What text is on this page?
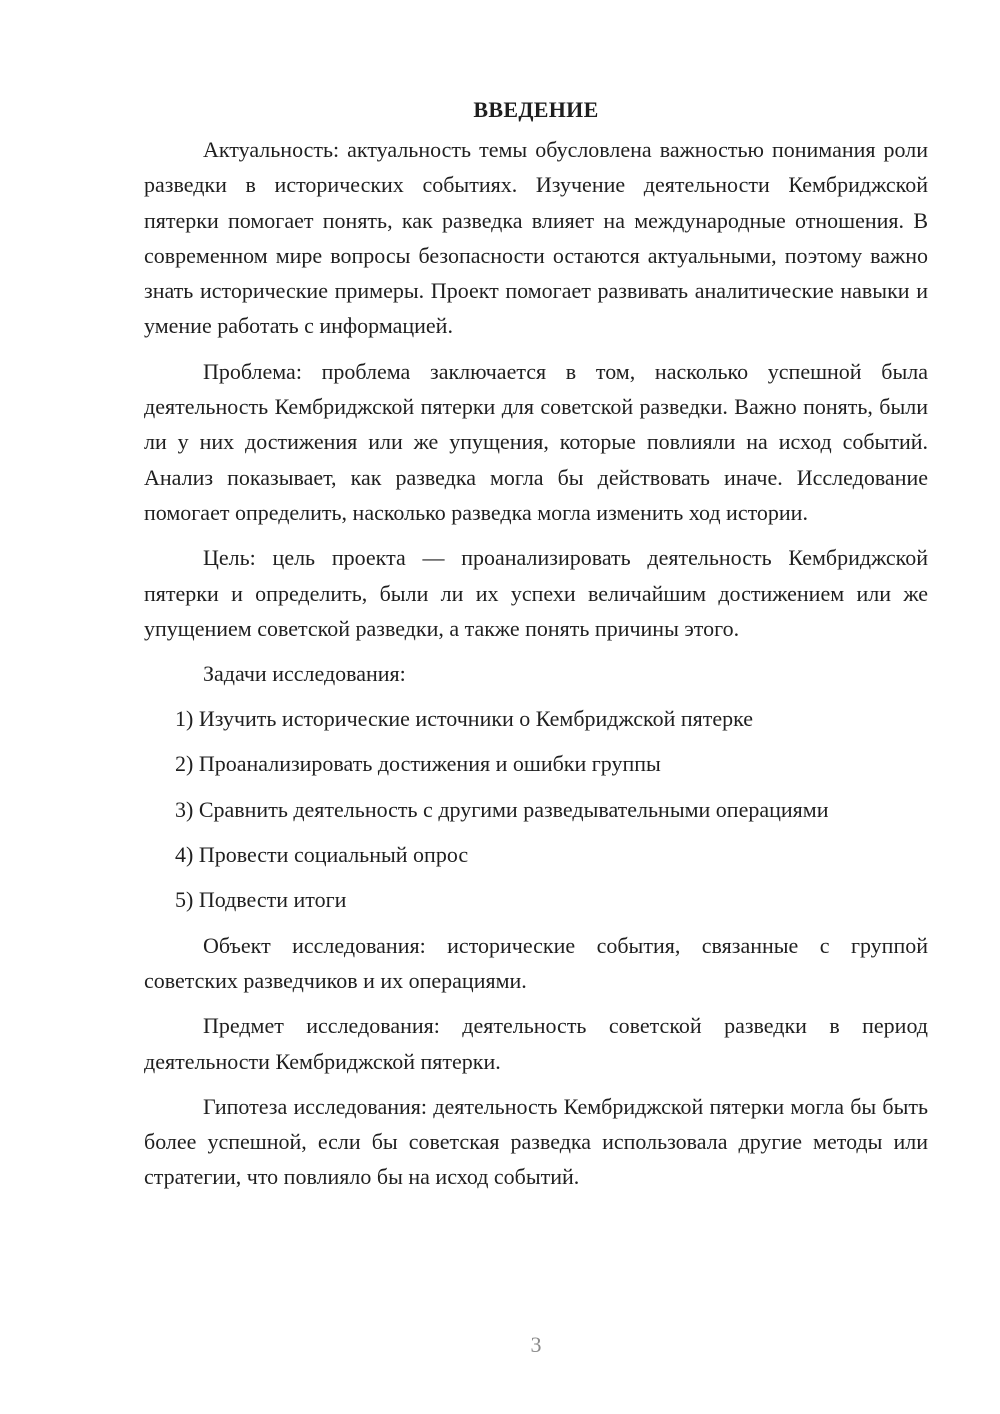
ВВЕДЕНИЕ

Актуальность: актуальность темы обусловлена важностью понимания роли разведки в исторических событиях. Изучение деятельности Кембриджской пятерки помогает понять, как разведка влияет на международные отношения. В современном мире вопросы безопасности остаются актуальными, поэтому важно знать исторические примеры. Проект помогает развивать аналитические навыки и умение работать с информацией.

Проблема: проблема заключается в том, насколько успешной была деятельность Кембриджской пятерки для советской разведки. Важно понять, были ли у них достижения или же упущения, которые повлияли на исход событий. Анализ показывает, как разведка могла бы действовать иначе. Исследование помогает определить, насколько разведка могла изменить ход истории.

Цель: цель проекта — проанализировать деятельность Кембриджской пятерки и определить, были ли их успехи величайшим достижением или же упущением советской разведки, а также понять причины этого.

Задачи исследования:

1) Изучить исторические источники о Кембриджской пятерке
2) Проанализировать достижения и ошибки группы
3) Сравнить деятельность с другими разведывательными операциями
4) Провести социальный опрос
5) Подвести итоги

Объект исследования: исторические события, связанные с группой советских разведчиков и их операциями.

Предмет исследования: деятельность советской разведки в период деятельности Кембриджской пятерки.

Гипотеза исследования: деятельность Кембриджской пятерки могла бы быть более успешной, если бы советская разведка использовала другие методы или стратегии, что повлияло бы на исход событий.

3
